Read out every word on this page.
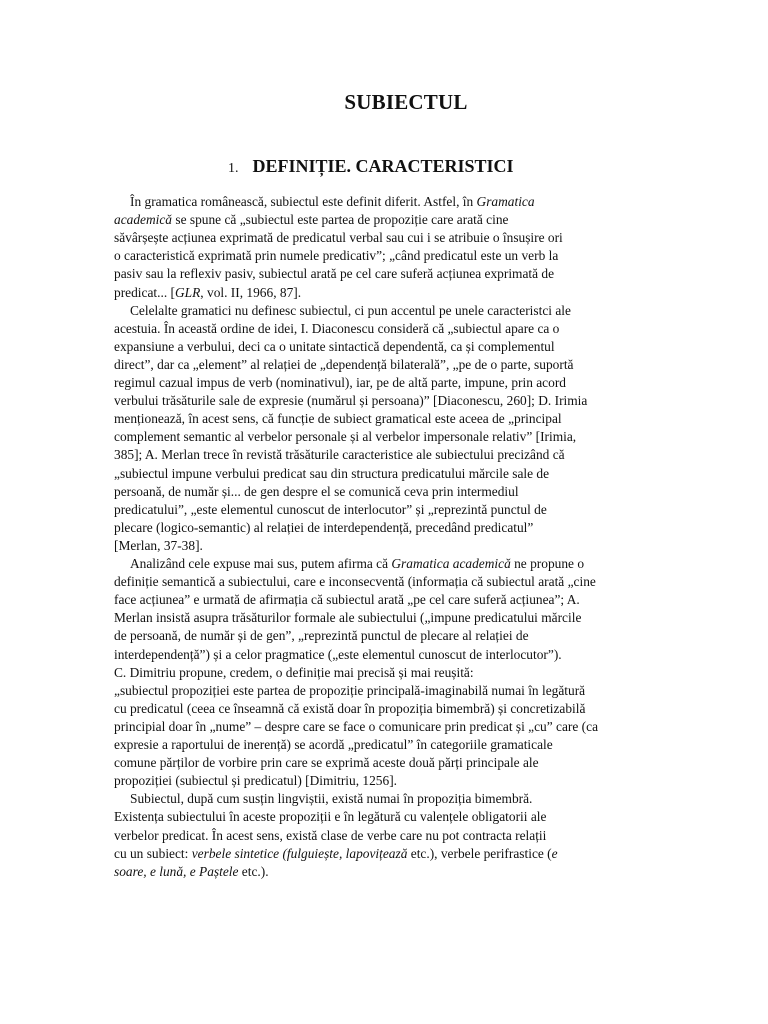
SUBIECTUL
1. DEFINIȚIE. CARACTERISTICI
În gramatica românească, subiectul este definit diferit. Astfel, în Gramatica
academică se spune că „subiectul este partea de propoziție care arată cine
săvârșește acțiunea exprimată de predicatul verbal sau cui i se atribuie o însușire ori
o caracteristică exprimată prin numele predicativ”; „când predicatul este un verb la
pasiv sau la reflexiv pasiv, subiectul arată pe cel care suferă acțiunea exprimată de
predicat... [GLR, vol. II, 1966, 87].
Celelalte gramatici nu definesc subiectul, ci pun accentul pe unele caracteristci ale
acestuia. În această ordine de idei, I. Diaconescu consideră că „subiectul apare ca o
expansiune a verbului, deci ca o unitate sintactică dependentă, ca și complementul
direct”, dar ca „element” al relației de „dependență bilaterală”, „pe de o parte, suportă
regimul cazual impus de verb (nominativul), iar, pe de altă parte, impune, prin acord
verbului trăsăturile sale de expresie (numărul și persoana)” [Diaconescu, 260]; D. Irimia
menționează, în acest sens, că funcție de subiect gramatical este aceea de „principal
complement semantic al verbelor personale și al verbelor impersonale relativ” [Irimia,
385]; A. Merlan trece în revistă trăsăturile caracteristice ale subiectului precizând că
„subiectul impune verbului predicat sau din structura predicatului mărcile sale de
persoană, de număr și... de gen despre el se comunică ceva prin intermediul
predicatului”, „este elementul cunoscut de interlocutor” și „reprezintă punctul de
plecare (logico-semantic) al relației de interdependență, precedând predicatul”
[Merlan, 37-38].
Analizând cele expuse mai sus, putem afirma că Gramatica academică ne propune o
definiție semantică a subiectului, care e inconsecventă (informația că subiectul arată „cine
face acțiunea” e urmată de afirmația că subiectul arată „pe cel care suferă acțiunea”; A.
Merlan insistă asupra trăsăturilor formale ale subiectului („impune predicatului mărcile
de persoană, de număr și de gen”, „reprezintă punctul de plecare al relației de
interdependență”) și a celor pragmatice („este elementul cunoscut de interlocutor”).
C. Dimitriu propune, credem, o definiție mai precisă și mai reușită:
„subiectul propoziției este partea de propoziție principală-imaginabilă numai în legătură
cu predicatul (ceea ce înseamnă că există doar în propoziția bimembră) și concretizabilă
principial doar în „nume” – despre care se face o comunicare prin predicat și „cu” care (ca
expresie a raportului de inerență) se acordă „predicatul” în categoriile gramaticale
comune părților de vorbire prin care se exprimă aceste două părți principale ale
propoziției (subiectul și predicatul) [Dimitriu, 1256].
Subiectul, după cum susțin lingviștii, există numai în propoziția bimembră.
Existența subiectului în aceste propoziții e în legătură cu valențele obligatorii ale
verbelor predicat. În acest sens, există clase de verbe care nu pot contracta relații
cu un subiect: verbele sintetice (fulguiește, lapovițează etc.), verbele perifrastice (e
soare, e lună, e Paștele etc.).
